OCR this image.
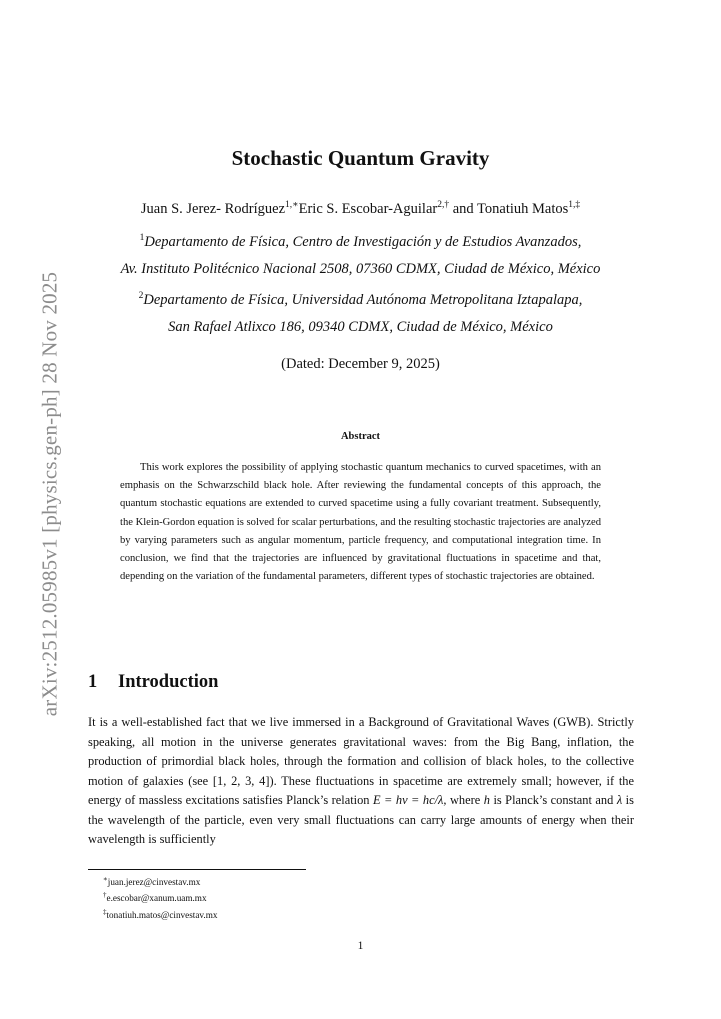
arXiv:2512.05985v1 [physics.gen-ph] 28 Nov 2025
Stochastic Quantum Gravity
Juan S. Jerez- Rodríguez$^{1,∗}$Eric S. Escobar-Aguilar$^{2,\dagger}$ and Tonatiuh Matos$^{1,\ddagger}$
$^1$Departamento de Física, Centro de Investigación y de Estudios Avanzados,
Av. Instituto Politécnico Nacional 2508, 07360 CDMX, Ciudad de México, México
$^2$Departamento de Física, Universidad Autónoma Metropolitana Iztapalapa,
San Rafael Atlixco 186, 09340 CDMX, Ciudad de México, México
(Dated: December 9, 2025)
Abstract
This work explores the possibility of applying stochastic quantum mechanics to curved spacetimes, with an emphasis on the Schwarzschild black hole. After reviewing the fundamental concepts of this approach, the quantum stochastic equations are extended to curved spacetime using a fully covariant treatment. Subsequently, the Klein-Gordon equation is solved for scalar perturbations, and the resulting stochastic trajectories are analyzed by varying parameters such as angular momentum, particle frequency, and computational integration time. In conclusion, we find that the trajectories are influenced by gravitational fluctuations in spacetime and that, depending on the variation of the fundamental parameters, different types of stochastic trajectories are obtained.
1 Introduction
It is a well-established fact that we live immersed in a Background of Gravitational Waves (GWB). Strictly speaking, all motion in the universe generates gravitational waves: from the Big Bang, inflation, the production of primordial black holes, through the formation and collision of black holes, to the collective motion of galaxies (see [1, 2, 3, 4]). These fluctuations in spacetime are extremely small; however, if the energy of massless excitations satisfies Planck’s relation E = hν = hc/λ, where h is Planck’s constant and λ is the wavelength of the particle, even very small fluctuations can carry large amounts of energy when their wavelength is sufficiently
∗juan.jerez@cinvestav.mx
†e.escobar@xanum.uam.mx
‡tonatiuh.matos@cinvestav.mx
1
